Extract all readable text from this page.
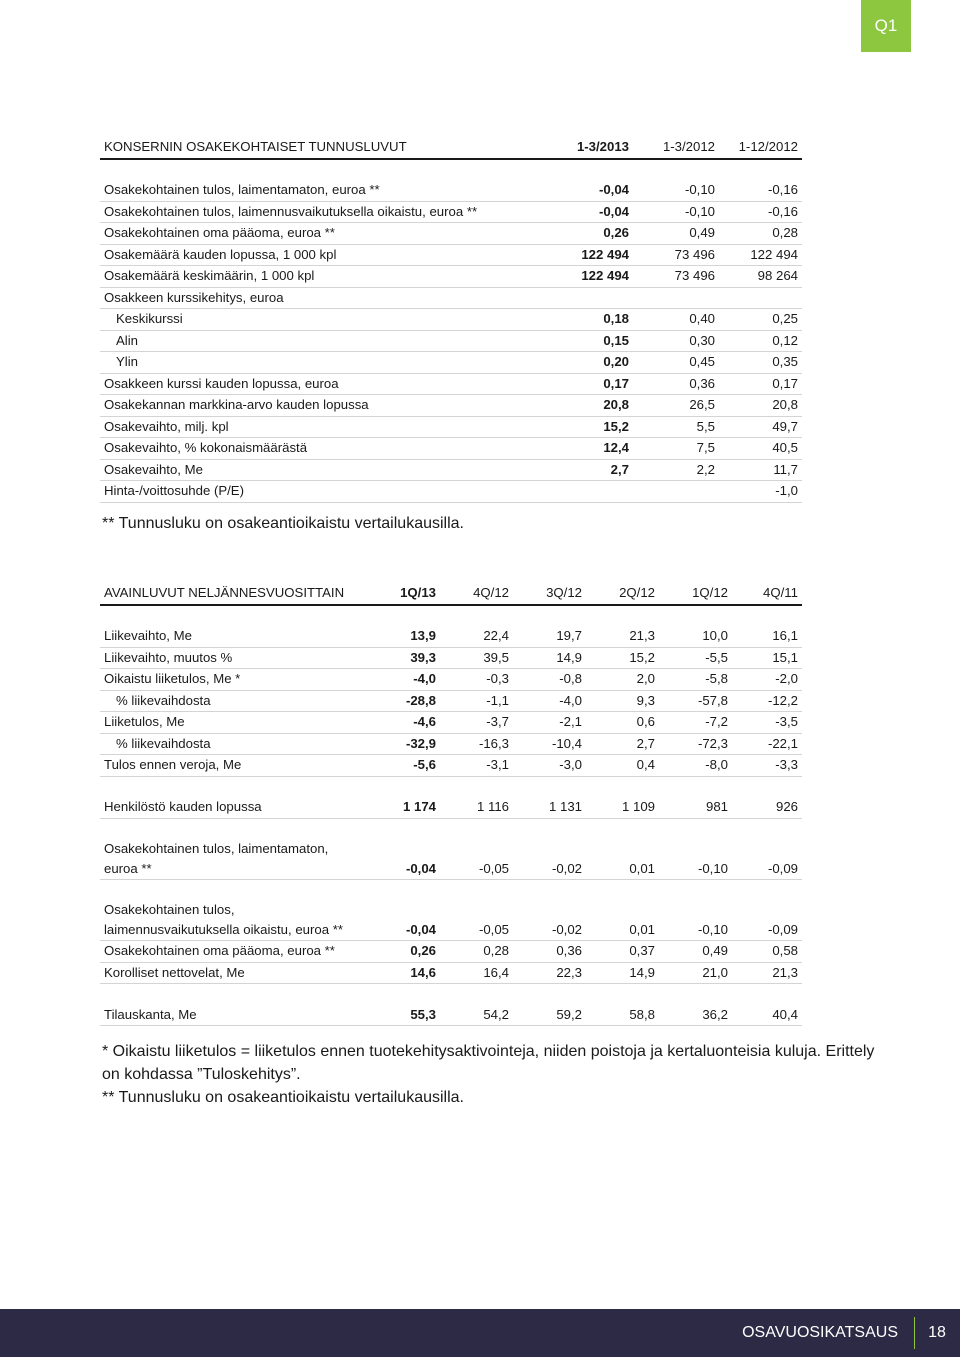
Q1
KONSERNIN OSAKEKOHTAISET TUNNUSLUVUT	1-3/2013	1-3/2012	1-12/2012

Osakekohtainen tulos, laimentamaton, euroa **	-0,04	-0,10	-0,16
Osakekohtainen tulos, laimennusvaikutuksella oikaistu, euroa **	-0,04	-0,10	-0,16
Osakekohtainen oma pääoma, euroa **	0,26	0,49	0,28
Osakemäärä kauden lopussa, 1 000 kpl	122 494	73 496	122 494
Osakemäärä keskimäärin, 1 000 kpl	122 494	73 496	98 264
Osakkeen kurssikehitys, euroa			
Keskikurssi	0,18	0,40	0,25
Alin	0,15	0,30	0,12
Ylin	0,20	0,45	0,35
Osakkeen kurssi kauden lopussa, euroa	0,17	0,36	0,17
Osakekannan markkina-arvo kauden lopussa	20,8	26,5	20,8
Osakevaihto, milj. kpl	15,2	5,5	49,7
Osakevaihto, % kokonaismäärästä	12,4	7,5	40,5
Osakevaihto, Me	2,7	2,2	11,7
Hinta-/voittosuhde (P/E)			-1,0
** Tunnusluku on osakeantioikaistu vertailukausilla.
AVAINLUVUT NELJÄNNESVUOSITTAIN	1Q/13	4Q/12	3Q/12	2Q/12	1Q/12	4Q/11

Liikevaihto, Me	13,9	22,4	19,7	21,3	10,0	16,1
Liikevaihto, muutos %	39,3	39,5	14,9	15,2	-5,5	15,1
Oikaistu liiketulos, Me *	-4,0	-0,3	-0,8	2,0	-5,8	-2,0
% liikevaihdosta	-28,8	-1,1	-4,0	9,3	-57,8	-12,2
Liiketulos, Me	-4,6	-3,7	-2,1	0,6	-7,2	-3,5
% liikevaihdosta	-32,9	-16,3	-10,4	2,7	-72,3	-22,1
Tulos ennen veroja, Me	-5,6	-3,1	-3,0	0,4	-8,0	-3,3

Henkilöstö kauden lopussa	1 174	1 116	1 131	1 109	981	926

Osakekohtainen tulos, laimentamaton, euroa **	-0,04	-0,05	-0,02	0,01	-0,10	-0,09
Osakekohtainen tulos, laimennusvaikutuksella oikaistu, euroa **	-0,04	-0,05	-0,02	0,01	-0,10	-0,09
Osakekohtainen oma pääoma, euroa **	0,26	0,28	0,36	0,37	0,49	0,58
Korolliset nettovelat, Me	14,6	16,4	22,3	14,9	21,0	21,3

Tilauskanta, Me	55,3	54,2	59,2	58,8	36,2	40,4
* Oikaistu liiketulos = liiketulos ennen tuotekehitysaktivointeja, niiden poistoja ja kertaluonteisia kuluja. Erittely on kohdassa ”Tuloskehitys”.
** Tunnusluku on osakeantioikaistu vertailukausilla.
OSAVUOSIKATSAUS	18
